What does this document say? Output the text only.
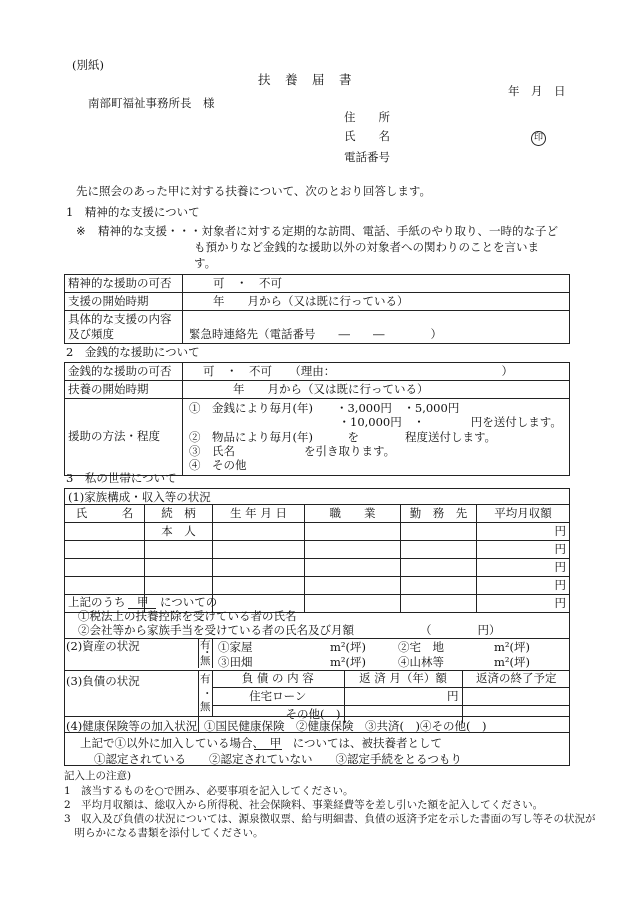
(別紙)
扶　養　届　書
年　月　日
南部町福祉事務所長　様
住　　所
氏　　名	印
電話番号
先に照会のあった甲に対する扶養について、次のとおり回答します。
1　精神的な支援について
※ 精神的な支援・・・対象者に対する定期的な訪問、電話、手紙のやり取り、一時的な子ど
も預かりなど金銭的な援助以外の対象者への関わりのことを言いま
す。
精神的な援助の可否	可　・　不可
支援の開始時期	年　　月から（又は既に行っている）
具体的な支援の内容及び頻度	緊急時連絡先（電話番号　　―　　―　　　　）
2　金銭的な援助について
金銭的な援助の可否	可　・　不可　　（理由： ）

扶養の開始時期	年　　月から（又は既に行っている）
援助の方法・程度	①　金銭により毎月(年)　　・3,000円　・5,000円
　　　　　　　　　　　　　・10,000円　・　　　　円を送付します。
②　物品により毎月(年)　　　を　　　　程度送付します。
③　氏名　　　　　　を引き取ります。
④　その他
3　私の世帯について
(1)家族構成・収入等の状況
氏　　　名	続　柄	生 年 月 日	職　　業	勤　務　先	平均月収額
	本　人				円
					円
					円
					円
					円
上記のうち　甲　についての
①税法上の扶養控除を受けている者の氏名
②会社等から家族手当を受けている者の氏名及び月額	（　　　　円）
(2)資産の状況	有
・
無
①家屋	m²(坪)	②宅　地	m²(坪)
③田畑	m²(坪)	④山林等	m²(坪)
(3)負債の状況	有
・
無
負 債 の 内 容	返 済 月（年）額	返済の終了予定
住宅ローン	円	
その他(　)		
(4)健康保険等の加入状況 ①国民健康保険　②健康保険　③共済(　)④その他(　)
上記で①以外に加入している場合、　甲　については、被扶養者として
①認定されている　　②認定されていない　　③認定手続をとるつもり
記入上の注意)
1　該当するものを○で囲み、必要事項を記入してください。
2　平均月収額は、総収入から所得税、社会保険料、事業経費等を差し引いた額を記入してください。
3　収入及び負債の状況については、源泉徴収票、給与明細書、負債の返済予定を示した書面の写し等その状況が
　明らかになる書類を添付してください。
